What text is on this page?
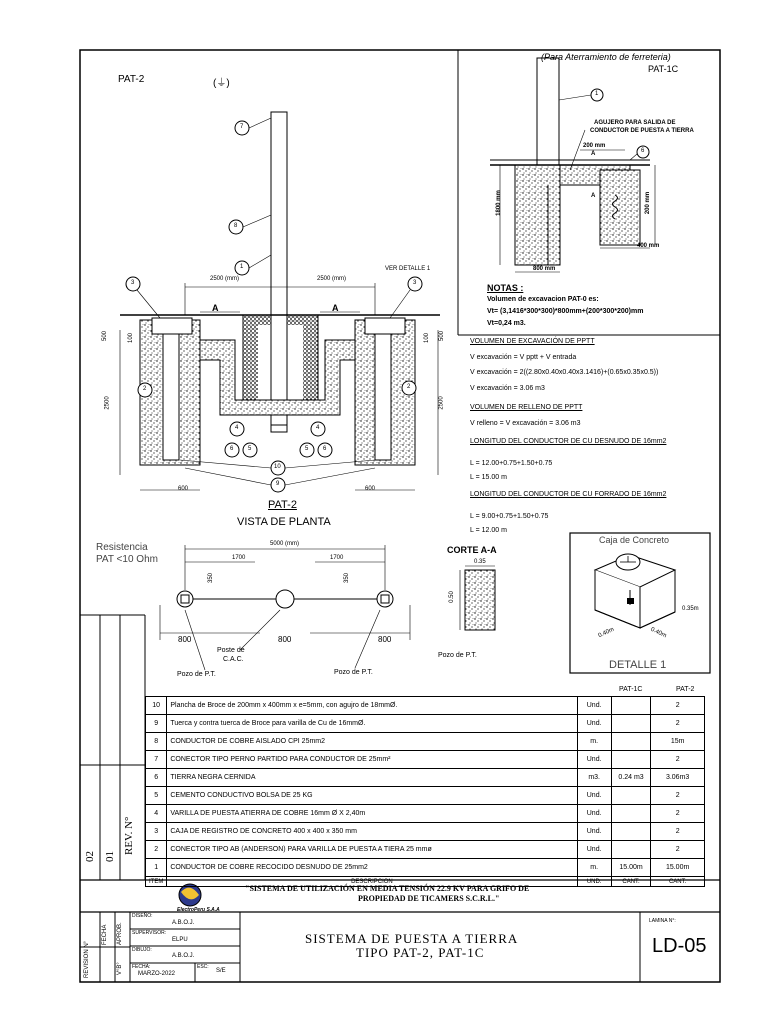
(Para Aterramiento de ferreteria)
PAT-1C
AGUJERO PARA SALIDA DE
CONDUCTOR DE PUESTA A TIERRA
200 mm
1800 mm	200 mm
400 mm
800 mm
A
A
1
6
NOTAS :
Volumen de excavacion PAT-0 es:
Vt= (3,1416*300*300)*800mm+(200*300*200)mm
Vt=0,24 m3.
PAT-2	(⏚)
VER DETALLE 1
2500 (mm)	2500 (mm)
500	500
100	100
2500	2500
600	600
A	A
7
8
1
3	3
2	2
4	4
5	5
6	6
10
9
PAT-2
VISTA DE PLANTA
VOLUMEN DE EXCAVACIÓN DE PPTT
V excavación = V pptt + V entrada
V excavación = 2((2.80x0.40x0.40x3.1416)+(0.65x0.35x0.5))
V excavación = 3.06 m3
VOLUMEN DE RELLENO DE PPTT
V relleno = V excavación = 3.06 m3
LONGITUD DEL CONDUCTOR DE CU DESNUDO DE 16mm2
L = 12.00+0.75+1.50+0.75
L = 15.00 m
LONGITUD DEL CONDUCTOR DE CU FORRADO DE 16mm2
L = 9.00+0.75+1.50+0.75
L = 12.00 m
Resistencia
PAT <10 Ohm
5000 (mm)
1700	1700
350	350
800	800	800
Poste de
C.A.C.
Pozo de P.T.	Pozo de P.T.
Pozo de P.T.
CORTE A-A
0.35
0.50
Caja de Concreto
0.40m	0.40m
0.35m
DETALLE 1
PAT-1C	PAT-2
10	Plancha de Broce de 200mm x 400mm x e=5mm, con agujro de 18mmØ.	Und.		2
9	Tuerca y contra tuerca de Broce para varilla de Cu de 16mmØ.	Und.		2
8	CONDUCTOR DE COBRE AISLADO CPI 25mm2	m.		15m
7	CONECTOR TIPO PERNO PARTIDO PARA CONDUCTOR DE 25mm²	Und.		2
6	TIERRA NEGRA CERNIDA	m3.	0.24 m3	3.06m3
5	CEMENTO CONDUCTIVO BOLSA DE 25 KG	Und.		2
4	VARILLA DE PUESTA ATIERRA DE COBRE 16mm Ø X 2,40m	Und.		2
3	CAJA DE REGISTRO DE CONCRETO 400 x 400 x 350 mm	Und.		2
2	CONECTOR TIPO AB (ANDERSON) PARA VARILLA DE PUESTA A TIERA 25 mmø	Und.		2
1	CONDUCTOR DE COBRE RECOCIDO DESNUDO DE 25mm2	m.	15.00m	15.00m
ITEM	DESCRIPCION	UND.	CANT.	CANT.
REV. N°
01
02
"SISTEMA DE UTILIZACIÓN EN MEDIA TENSIÓN 22.9 KV PARA GRIFO DE
PROPIEDAD DE TICAMERS S.C.R.L."
ElectroPeru S.A.A
REVISION N°
FECHA APROB.
V°B°
DISEÑO:
A.B.O.J.
SUPERVISOR:
ELPU
DIBUJO:
A.B.O.J.
FECHA:
MARZO-2022
ESC:
S/E
SISTEMA DE PUESTA A TIERRA
TIPO PAT-2, PAT-1C
LAMINA N°:
LD-05
